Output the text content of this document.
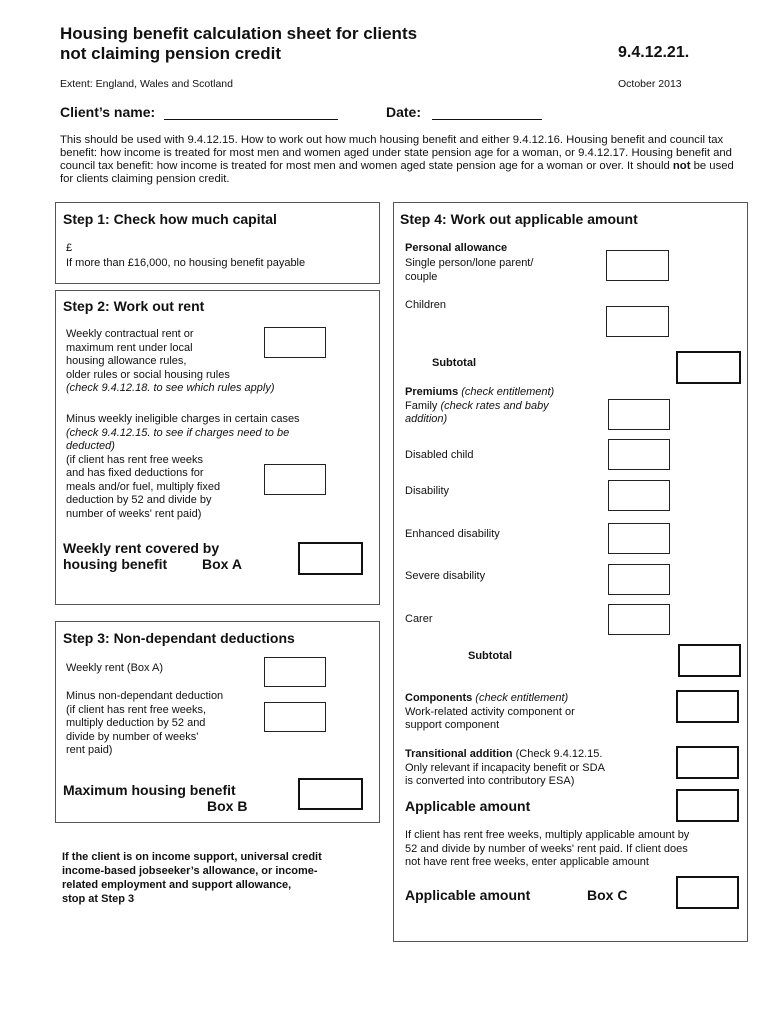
Housing benefit calculation sheet for clients
not claiming pension credit	9.4.12.21.
Extent: England, Wales and Scotland	October 2013
Client’s name:	Date:
This should be used with 9.4.12.15. How to work out how much housing benefit and either 9.4.12.16. Housing benefit and council tax benefit: how income is treated for most men and women aged under state pension age for a woman, or 9.4.12.17. Housing benefit and council tax benefit: how income is treated for most men and women aged state pension age for a woman or over. It should not be used for clients claiming pension credit.
Step 1: Check how much capital
£
If more than £16,000, no housing benefit payable
Step 2: Work out rent
Weekly contractual rent or
maximum rent under local
housing allowance rules,
older rules or social housing rules
(check 9.4.12.18. to see which rules apply)
Minus weekly ineligible charges in certain cases
(check 9.4.12.15. to see if charges need to be
deducted)
(if client has rent free weeks
and has fixed deductions for
meals and/or fuel, multiply fixed
deduction by 52 and divide by
number of weeks' rent paid)
Weekly rent covered by
housing benefit Box A
Step 3: Non-dependant deductions
Weekly rent (Box A)
Minus non-dependant deduction
(if client has rent free weeks,
multiply deduction by 52 and
divide by number of weeks'
rent paid)
Maximum housing benefit
Box B
If the client is on income support, universal credit
income-based jobseeker’s allowance, or income-
related employment and support allowance,
stop at Step 3
Step 4: Work out applicable amount
Personal allowance
Single person/lone parent/
couple
Children
Subtotal
Premiums (check entitlement)
Family (check rates and baby
addition)
Disabled child
Disability
Enhanced disability
Severe disability
Carer
Subtotal
Components (check entitlement)
Work-related activity component or
support component
Transitional addition (Check 9.4.12.15.
Only relevant if incapacity benefit or SDA
is converted into contributory ESA)
Applicable amount
If client has rent free weeks, multiply applicable amount by
52 and divide by number of weeks' rent paid. If client does
not have rent free weeks, enter applicable amount
Applicable amount	Box C
